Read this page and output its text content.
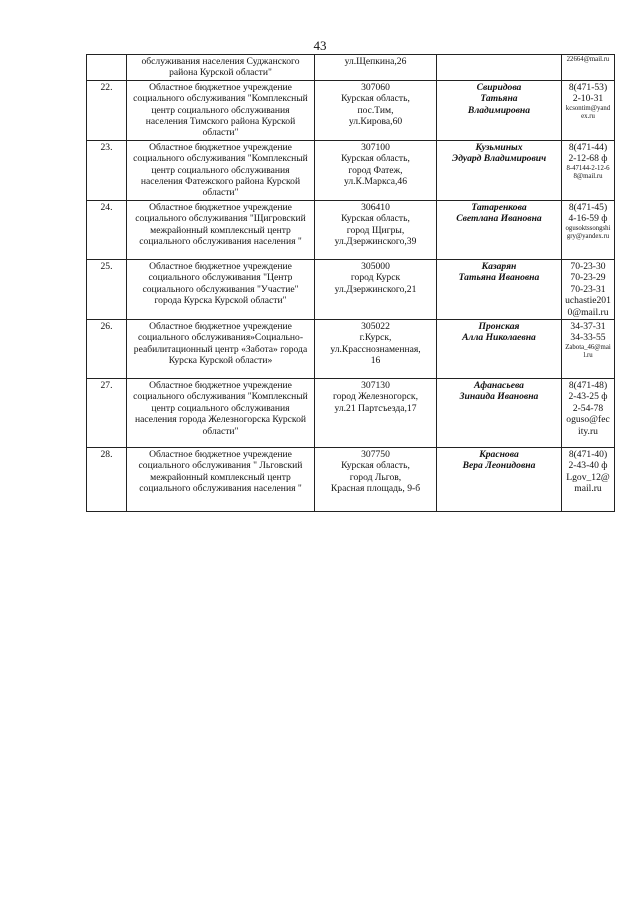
43
	обслуживания населения Суджанского района Курской области"	ул.Щепкина,26		22664@mail.ru

22.	Областное бюджетное учреждение социального обслуживания "Комплексный центр социального обслуживания населения Тимского района Курской области"	307060
Курская область,
пос.Тим,
ул.Кирова,60	Свиридова
Татьяна
Владимировна	8(471-53)
2-10-31
kcsontim@yandex.ru

23.	Областное бюджетное учреждение социального обслуживания "Комплексный центр социального обслуживания населения Фатежского района Курской области"	307100
Курская область,
город Фатеж,
ул.К.Маркса,46	Кузьминых
Эдуард Владимирович	8(471-44)
2-12-68 ф
8-47144-2-12-68@mail.ru

24.	Областное бюджетное учреждение социального обслуживания "Щигровский межрайонный комплексный центр социального обслуживания населения "	306410
Курская область,
город Щигры,
ул.Дзержинского,39	Татаренкова
Светлана Ивановна	8(471-45)
4-16-59 ф
ogusoktssongshigry@yandex.ru

25.	Областное бюджетное учреждение социального обслуживания "Центр социального обслуживания "Участие" города Курска Курской области"	305000
город Курск
ул.Дзержинского,21	Казарян
Татьяна Ивановна	70-23-30
70-23-29
70-23-31
uchastie2010@mail.ru

26.	Областное бюджетное учреждение социального обслуживания»Социально-реабилитационный центр «Забота» города Курска Курской области»	305022
г.Курск,
ул.Красснознаменная,
16	Пронская
Алла Николаевна	34-37-31
34-33-55
Zabota_46@mail.ru

27.	Областное бюджетное учреждение социального обслуживания "Комплексный центр социального обслуживания населения города Железногорска Курской области"	307130
город Железногорск,
ул.21 Партсъезда,17	Афанасьева
Зинаида Ивановна	8(471-48)
2-43-25 ф
2-54-78
oguso@fecity.ru

28.	Областное бюджетное учреждение социального обслуживания " Льговский межрайонный комплексный центр социального обслуживания населения "	307750
Курская область,
город Льгов,
Красная площадь, 9-б	Краснова
Вера Леонидовна	8(471-40)
2-43-40 ф
Lgov_12@mail.ru
